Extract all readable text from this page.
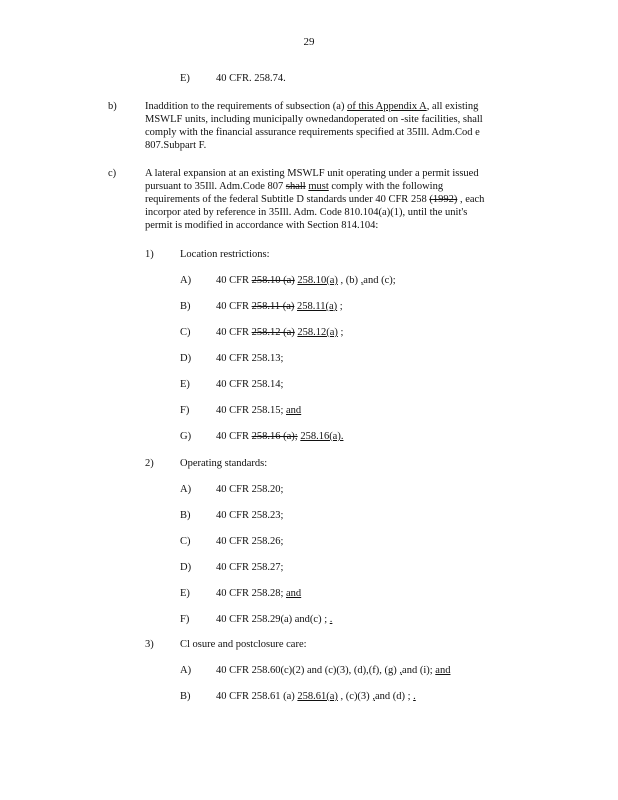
29
E) 40 CFR. 258.74.
b)	Inaddition to the requirements of subsection (a) of this Appendix A, all existing
MSWLF units, including municipally ownedandoperated on -site facilities, shall
comply with the financial assurance requirements specified at 35Ill. Adm.Cod e
807.Subpart F.
c)	A lateral expansion at an existing MSWLF unit operating under a permit issued
pursuant to 35Ill. Adm.Code 807 shall must comply with the following
requirements of the federal Subtitle D standards under 40 CFR 258 (1992) , each
incorpor ated by reference in 35Ill. Adm. Code 810.104(a)(1), until the unit's
permit is modified in accordance with Section 814.104:
1)	Location restrictions:
A) 40 CFR 258.10 (a) 258.10(a) , (b) ,and (c);
B) 40 CFR 258.11 (a) 258.11(a) ;
C) 40 CFR 258.12 (a) 258.12(a) ;
D) 40 CFR 258.13;
E) 40 CFR 258.14;
F)	40 CFR 258.15; and
G) 40 CFR 258.16 (a); 258.16(a).
2)	Operating standards:
A) 40 CFR 258.20;
B) 40 CFR 258.23;
C) 40 CFR 258.26;
D) 40 CFR 258.27;
E) 40 CFR 258.28; and
F)	40 CFR 258.29(a) and(c) ; .
3)	Cl osure and postclosure care:
A) 40 CFR 258.60(c)(2) and (c)(3), (d),(f), (g) ,and (i); and
B) 40 CFR 258.61 (a) 258.61(a) , (c)(3) ,and (d) ; .
